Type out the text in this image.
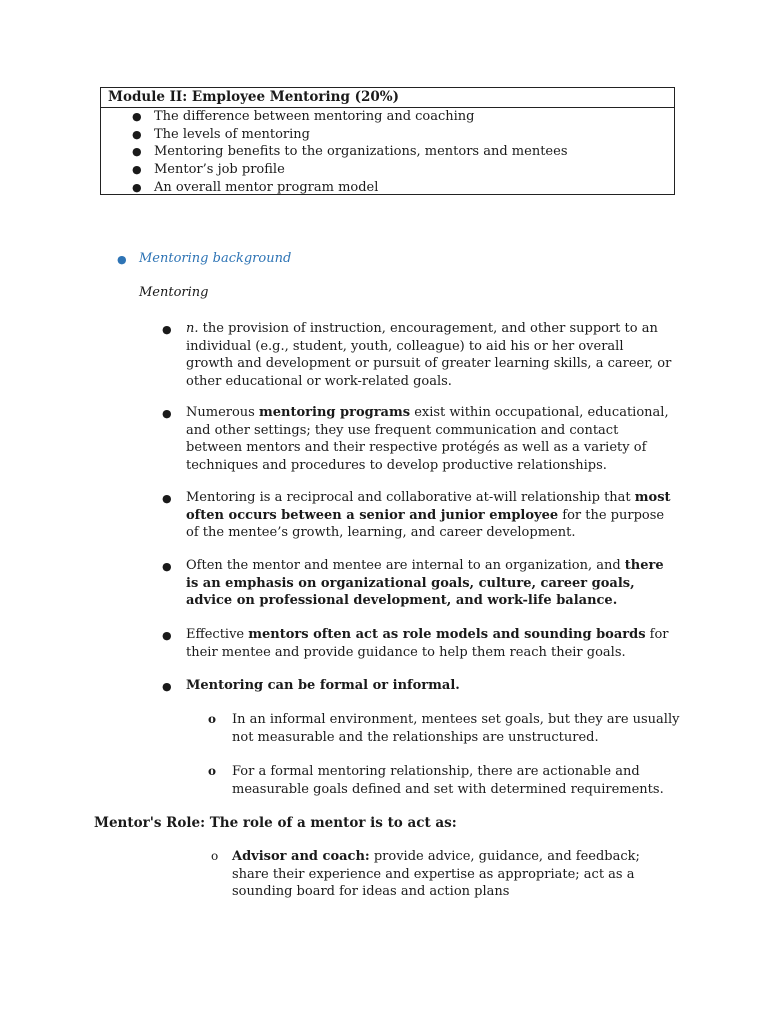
Module II: Employee Mentoring (20%)
● The difference between mentoring and coaching
● The levels of mentoring
● Mentoring benefits to the organizations, mentors and mentees
● Mentor’s job profile
● An overall mentor program model
● Mentoring background
Mentoring
● n. the provision of instruction, encouragement, and other support to an individual (e.g., student, youth, colleague) to aid his or her overall growth and development or pursuit of greater learning skills, a career, or other educational or work-related goals.
● Numerous mentoring programs exist within occupational, educational, and other settings; they use frequent communication and contact between mentors and their respective protégés as well as a variety of techniques and procedures to develop productive relationships.
● Mentoring is a reciprocal and collaborative at-will relationship that most often occurs between a senior and junior employee for the purpose of the mentee’s growth, learning, and career development.
● Often the mentor and mentee are internal to an organization, and there is an emphasis on organizational goals, culture, career goals, advice on professional development, and work-life balance.
● Effective mentors often act as role models and sounding boards for their mentee and provide guidance to help them reach their goals.
● Mentoring can be formal or informal.
o In an informal environment, mentees set goals, but they are usually not measurable and the relationships are unstructured.
o For a formal mentoring relationship, there are actionable and measurable goals defined and set with determined requirements.
Mentor's Role: The role of a mentor is to act as:
o Advisor and coach: provide advice, guidance, and feedback; share their experience and expertise as appropriate; act as a sounding board for ideas and action plans
